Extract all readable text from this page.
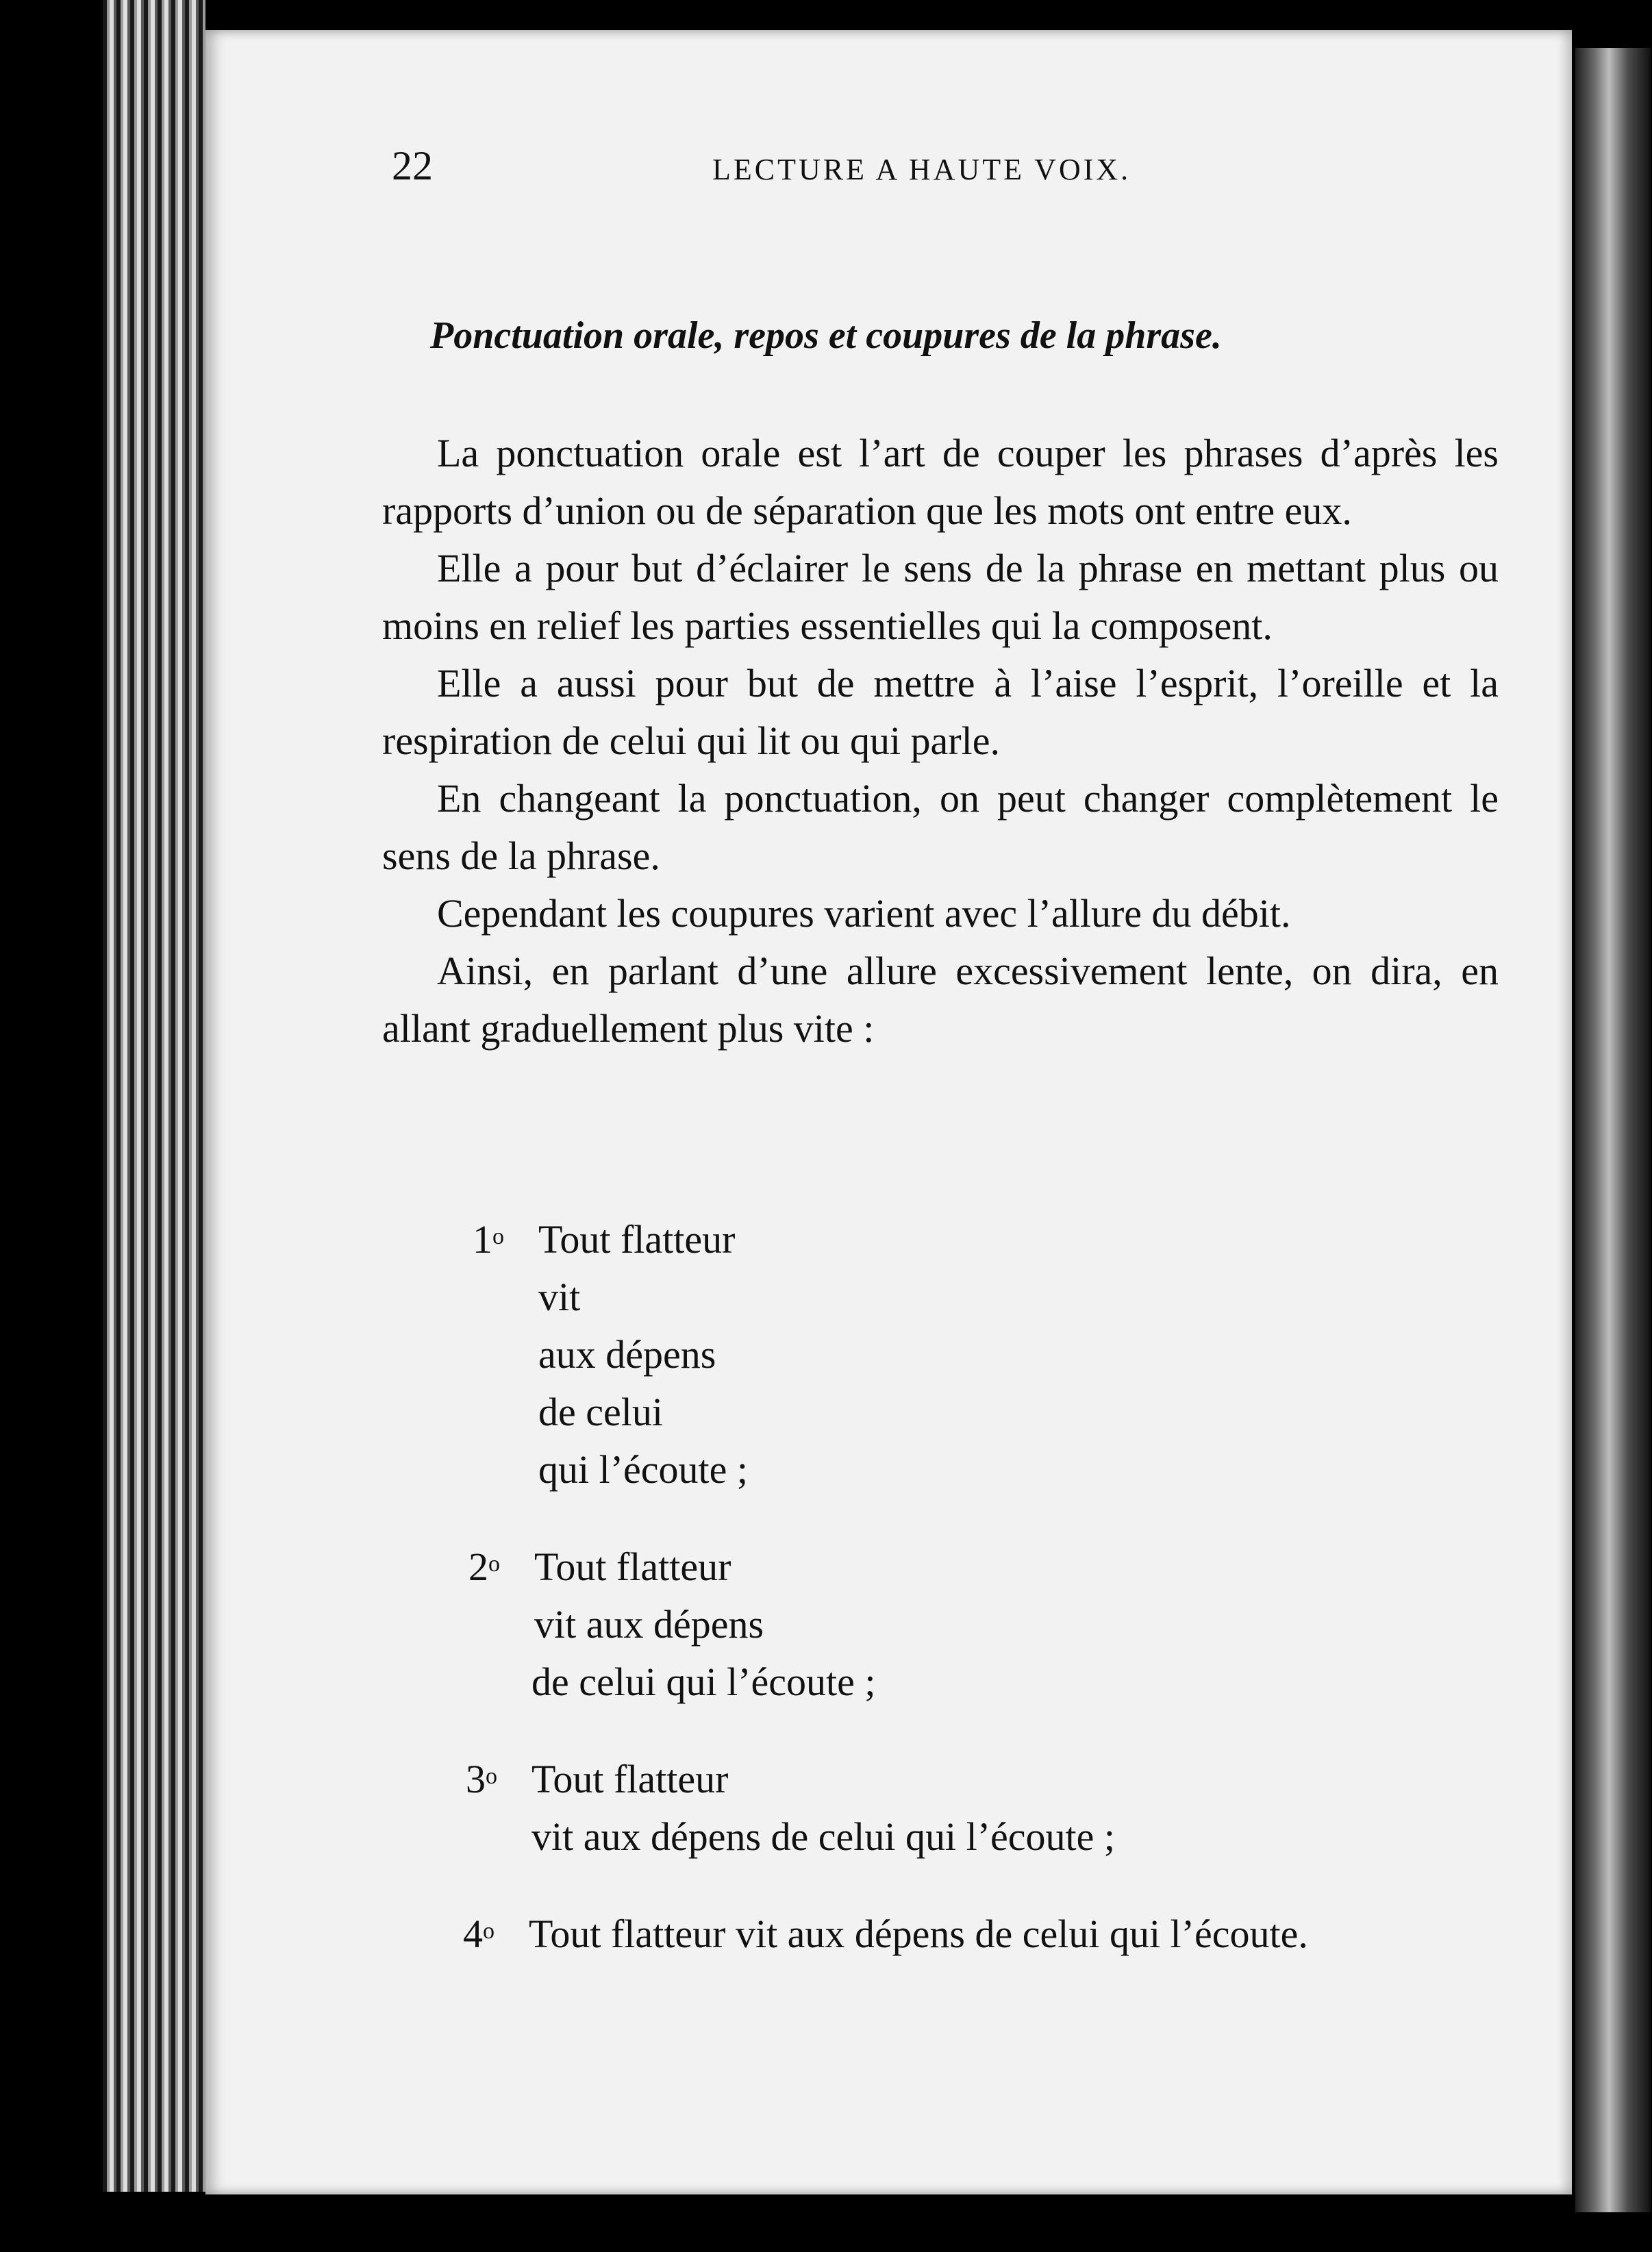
22	LECTURE A HAUTE VOIX.
Ponctuation orale, repos et coupures de la phrase.

La ponctuation orale est l’art de couper les phrases d’après les rapports d’union ou de séparation que les mots ont entre eux.

Elle a pour but d’éclairer le sens de la phrase en mettant plus ou moins en relief les parties essentielles qui la composent.

Elle a aussi pour but de mettre à l’aise l’esprit, l’oreille et la respiration de celui qui lit ou qui parle.

En changeant la ponctuation, on peut changer complètement le sens de la phrase.

Cependant les coupures varient avec l’allure du débit.

Ainsi, en parlant d’une allure excessivement lente, on dira, en allant graduellement plus vite :

1$^o$ Tout flatteur
vit
aux dépens
de celui
qui l’écoute ;
2$^o$ Tout flatteur
vit aux dépens
de celui qui l’écoute ;
3$^o$ Tout flatteur
vit aux dépens de celui qui l’écoute ;
4$^o$ Tout flatteur vit aux dépens de celui qui l’écoute.
